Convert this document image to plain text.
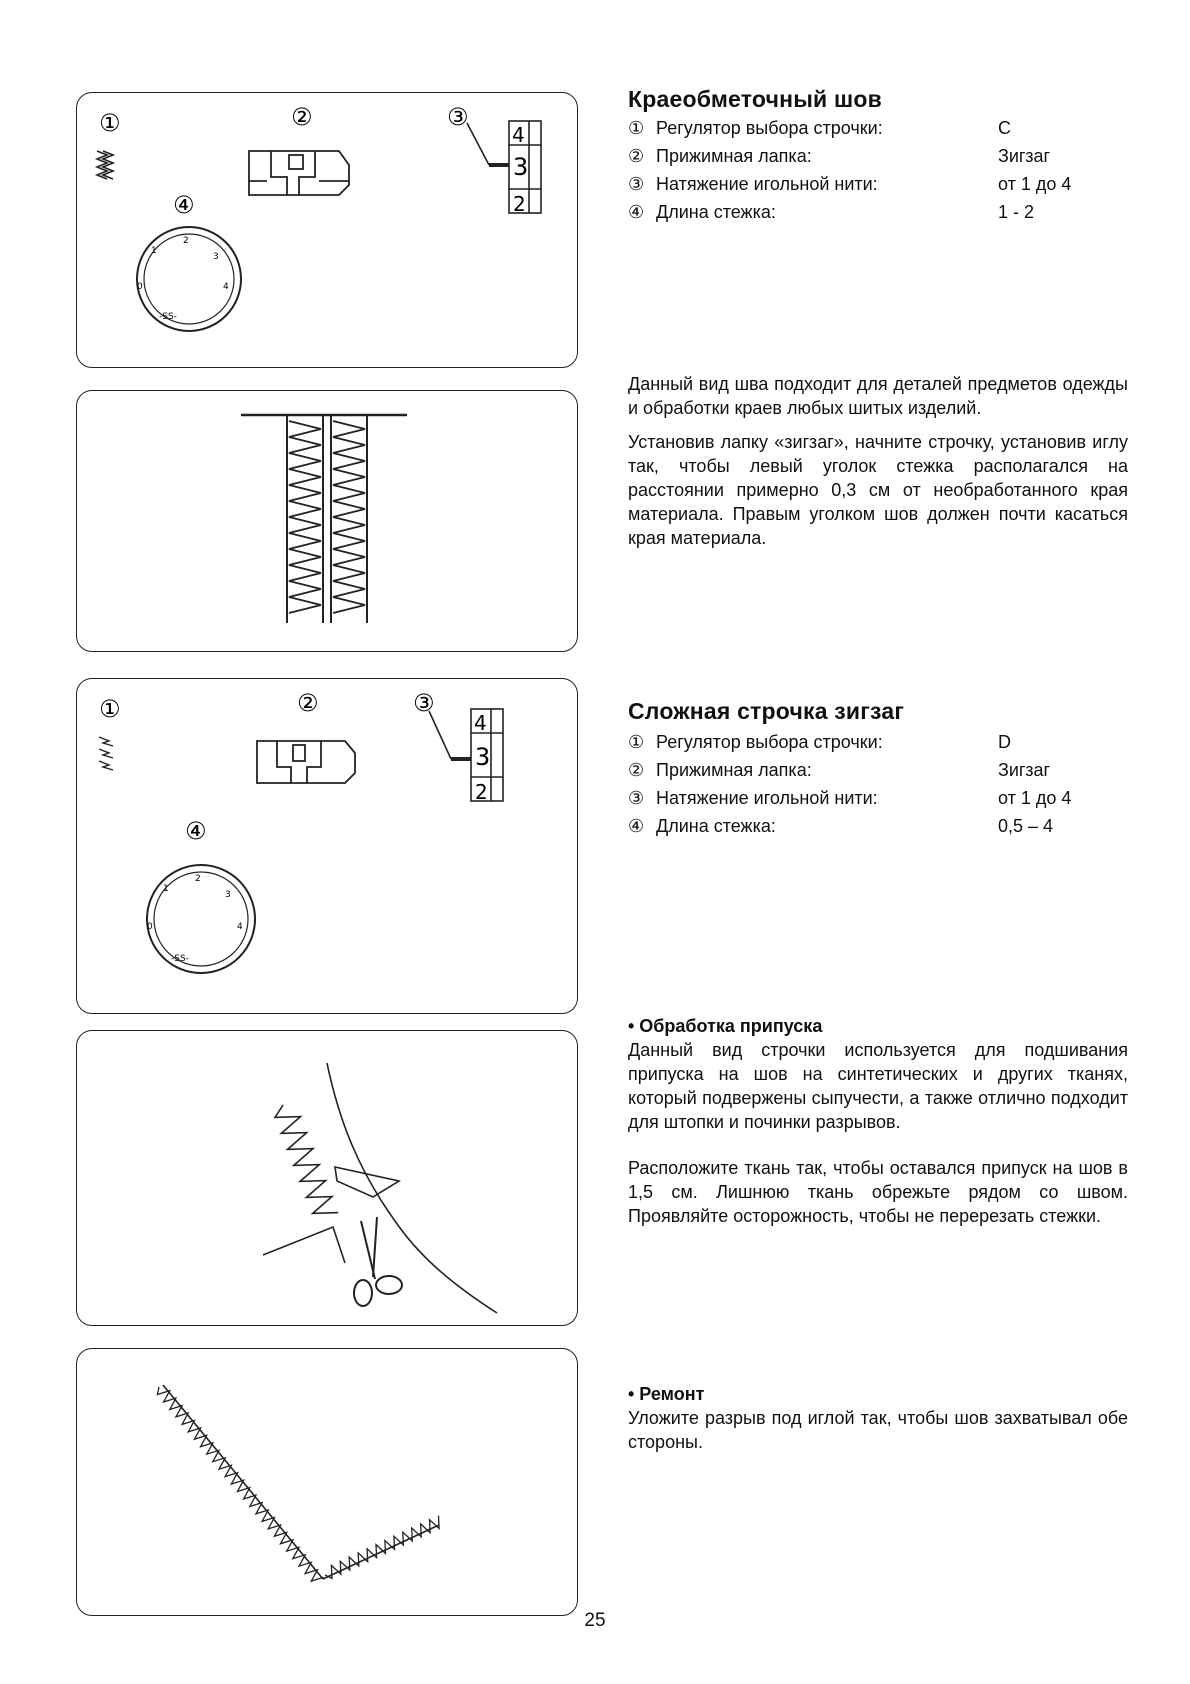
①	②	③
④
4
3
2
0
1
2
3
4
-SS-
①	②	③
④
4
3
2
0
1
2
3
4
-SS-
Краеобметочный шов
① Регулятор выбора строчки:	C
② Прижимная лапка:	Зигзаг
③ Натяжение игольной нити:	от 1 до 4
④ Длина стежка:	1 - 2

Данный вид шва подходит для деталей предметов одежды и обработки краев любых шитых изделий.

Установив лапку «зигзаг», начните строчку, установив иглу так, чтобы левый уголок стежка располагался на расстоянии примерно 0,3 см от необработанного края материала. Правым уголком шов должен почти касаться края материала.

Сложная строчка зигзаг
① Регулятор выбора строчки:	D
② Прижимная лапка:	Зигзаг
③ Натяжение игольной нити:	от 1 до 4
④ Длина стежка:	0,5 – 4
• Обработка припуска

Данный вид строчки используется для подшивания припуска на шов на синтетических и других тканях, который подвержены сыпучести, а также отлично подходит для штопки и починки разрывов.

Расположите ткань так, чтобы оставался припуск на шов в 1,5 см. Лишнюю ткань обрежьте рядом со швом. Проявляйте осторожность, чтобы не перерезать стежки.

• Ремонт

Уложите разрыв под иглой так, чтобы шов захватывал обе стороны.

25
